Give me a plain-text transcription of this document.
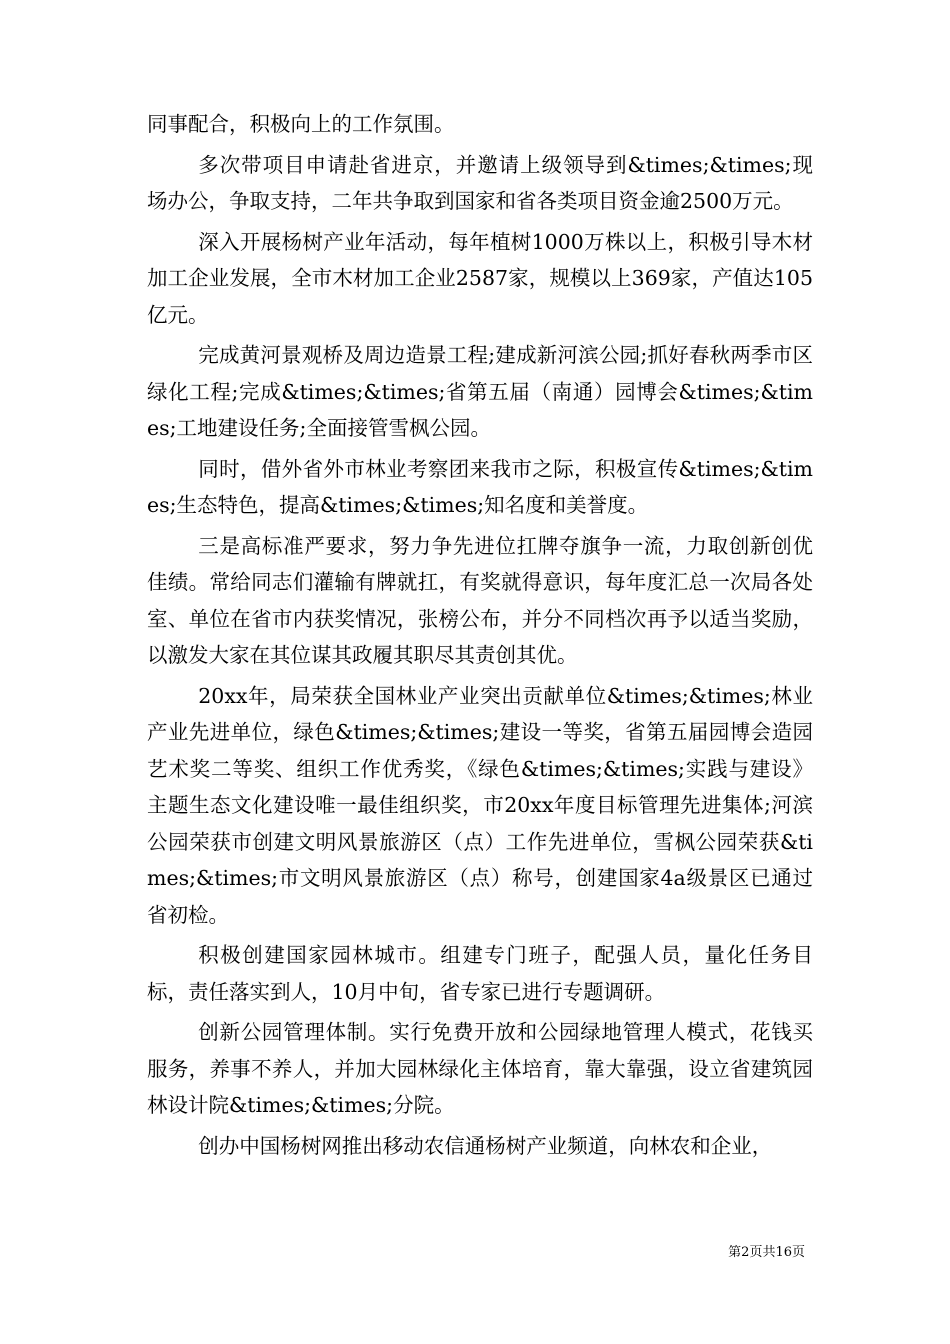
同事配合，积极向上的工作氛围。

多次带项目申请赴省进京，并邀请上级领导到&times;&times;现场办公，争取支持，二年共争取到国家和省各类项目资金逾2500万元。

深入开展杨树产业年活动，每年植树1000万株以上，积极引导木材加工企业发展，全市木材加工企业2587家，规模以上369家，产值达105亿元。

完成黄河景观桥及周边造景工程;建成新河滨公园;抓好春秋两季市区绿化工程;完成&times;&times;省第五届（南通）园博会&times;&times;工地建设任务;全面接管雪枫公园。

同时，借外省外市林业考察团来我市之际，积极宣传&times;&times;生态特色，提高&times;&times;知名度和美誉度。

三是高标准严要求，努力争先进位扛牌夺旗争一流，力取创新创优佳绩。常给同志们灌输有牌就扛，有奖就得意识，每年度汇总一次局各处室、单位在省市内获奖情况，张榜公布，并分不同档次再予以适当奖励，以激发大家在其位谋其政履其职尽其责创其优。

20xx年，局荣获全国林业产业突出贡献单位&times;&times;林业产业先进单位，绿色&times;&times;建设一等奖，省第五届园博会造园艺术奖二等奖、组织工作优秀奖，《绿色&times;&times;实践与建设》主题生态文化建设唯一最佳组织奖，市20xx年度目标管理先进集体;河滨公园荣获市创建文明风景旅游区（点）工作先进单位，雪枫公园荣获&times;&times;市文明风景旅游区（点）称号，创建国家4a级景区已通过省初检。

积极创建国家园林城市。组建专门班子，配强人员，量化任务目标，责任落实到人，10月中旬，省专家已进行专题调研。

创新公园管理体制。实行免费开放和公园绿地管理人模式，花钱买服务，养事不养人，并加大园林绿化主体培育，靠大靠强，设立省建筑园林设计院&times;&times;分院。

创办中国杨树网推出移动农信通杨树产业频道，向林农和企业，

第2页共16页
